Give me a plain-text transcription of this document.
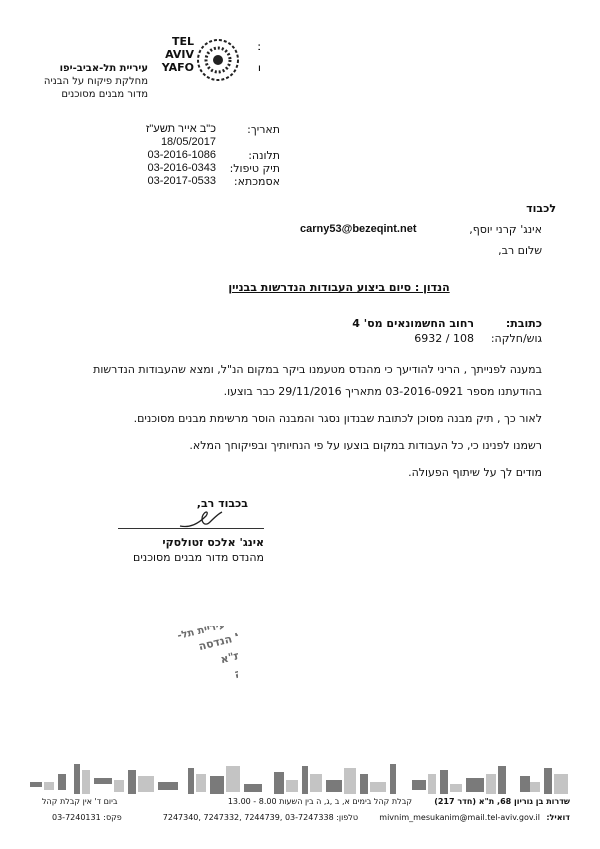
TEL
AVIV
YAFO	ו
עיריית תל-אביב-יפו
מחלקת פיקוח על הבניה
מדור מבנים מסוכנים
תאריך:

תלונה:
תיק טיפול:
אסמכתא:
כ"ב אייר תשע"ז
18/05/2017
03-2016-1086
03-2016-0343
03-2017-0533
לכבוד
אינג' קרני יוסף,
carny53@bezeqint.net
שלום רב,
הנדון : סיום ביצוע העבודות הנדרשות בבניין
כתובת:
גוש/חלקה:
רחוב החשמונאים מס' 4
108 / 6932

במענה לפנייתך , הריני להודיעך כי מהנדס מטעמנו ביקר במקום הנ"ל, ומצא שהעבודות הנדרשות

בהודעתנו מספר 03-2016-0921 מתאריך 29/11/2016 כבר בוצעו.

לאור כך , תיק מבנה מסוכן לכתובת שבנדון נסגר והמבנה הוסר מרשימת מבנים מסוכנים.

רשמנו לפנינו כי, כל העבודות במקום בוצעו על פי הנחיותיך ובפיקוחך המלא.

מודים לך על שיתוף הפעולה.

בכבוד רב,
אינג' אלכס זטולסקי
מהנדס מדור מבנים מסוכנים
עיריית תל- מינהל הנדסה
ת"א
הבניה
שדרות בן גוריון 68, ת"א (חדר 217)
קבלת קהל בימים א, ב ,ג, ה בין השעות 8.00 - 13.00
ביום ד' אין קבלת קהל
דואיל:
mivnim_mesukanim@mail.tel-aviv.gov.il
טלפון: 03-7247338 ,7244739 ,7247332 ,7247340
פקס: 03-7240131
